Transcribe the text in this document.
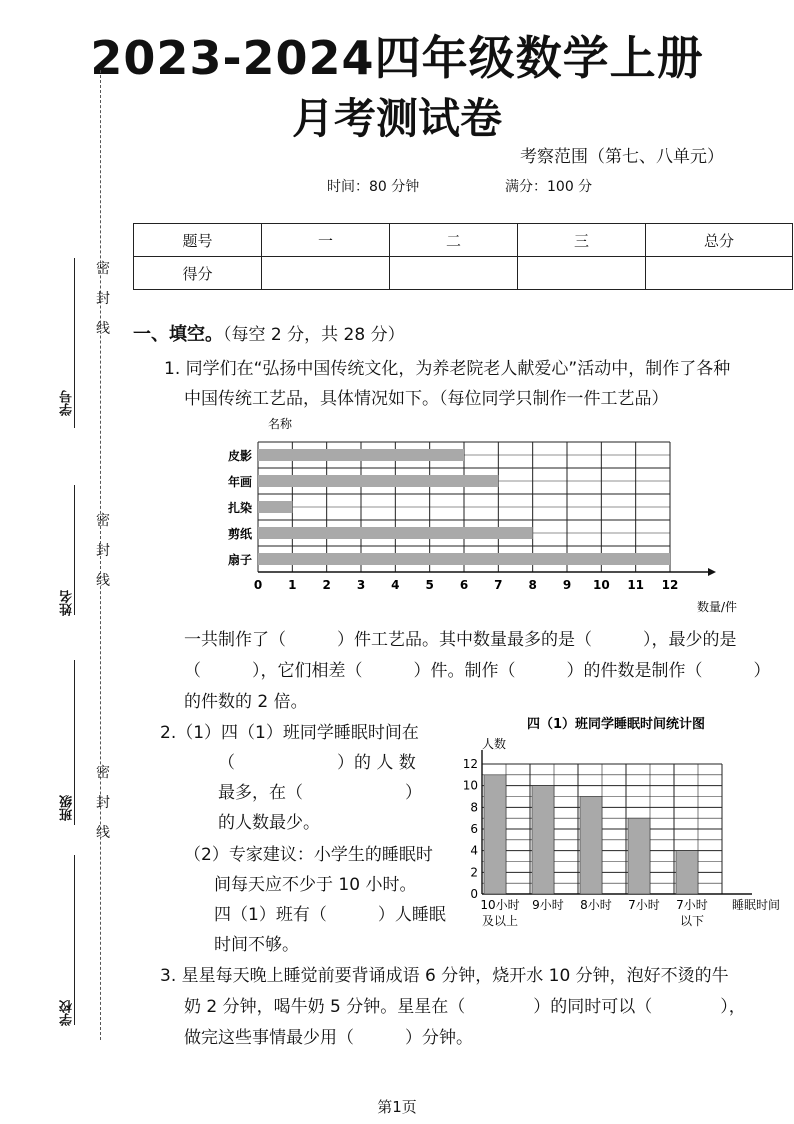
2023-2024四年级数学上册
月考测试卷
考察范围（第七、八单元）
时间：80 分钟	满分：100 分
题号	一	二	三	总分
得分				
密
封
线
密
封
线
密
封
线
学号
姓名
班级
学校
一、填空。（每空 2 分，共 28 分）
1. 同学们在“弘扬中国传统文化，为养老院老人献爱心”活动中，制作了各种
中国传统工艺品，具体情况如下。（每位同学只制作一件工艺品）
名称
皮影
年画
扎染
剪纸
扇子
0 1 2 3 4 5 6 7 8 9 10 11 12
数量/件
一共制作了（　　　）件工艺品。其中数量最多的是（　　　），最少的是
（　　　），它们相差（　　　）件。制作（　　　）的件数是制作（　　　）
的件数的 2 倍。
2.（1）四（1）班同学睡眠时间在
（　　　　　　）的 人 数
最多，在（　　　　　　）
的人数最少。
（2）专家建议：小学生的睡眠时
间每天应不少于 10 小时。
四（1）班有（　　　）人睡眠
时间不够。
四（1）班同学睡眠时间统计图
人数
0
2
4
6
8
10
12
10小时
及以上
9小时 8小时 7小时 7小时
以下
睡眠时间
3. 星星每天晚上睡觉前要背诵成语 6 分钟，烧开水 10 分钟，泡好不烫的牛
奶 2 分钟，喝牛奶 5 分钟。星星在（　　　　）的同时可以（　　　　），
做完这些事情最少用（　　　）分钟。
第1页
